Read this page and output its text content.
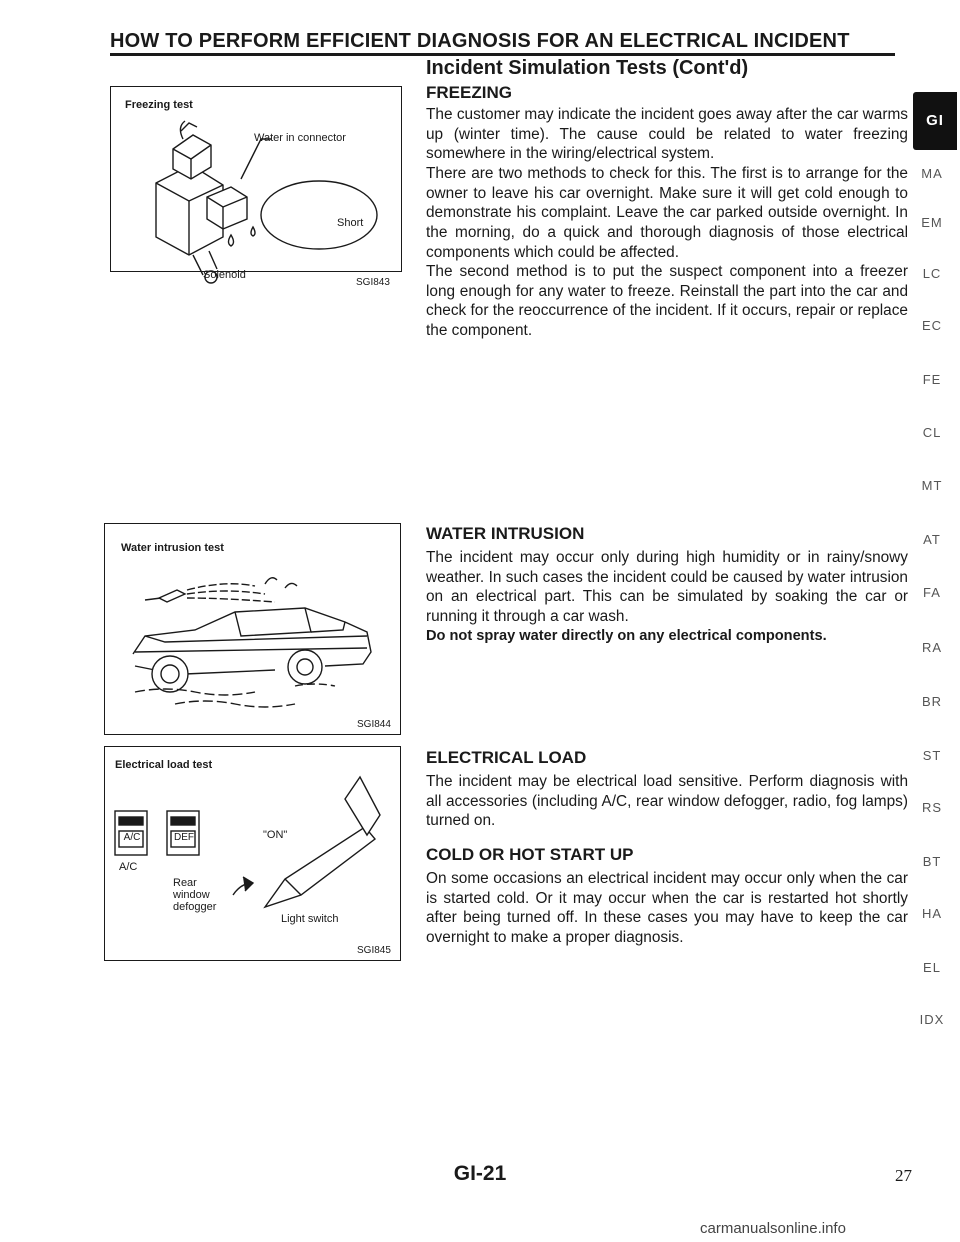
HOW TO PERFORM EFFICIENT DIAGNOSIS FOR AN ELECTRICAL INCIDENT
Incident Simulation Tests (Cont'd)
FREEZING
The customer may indicate the incident goes away after the car warms up (winter time). The cause could be related to water freezing somewhere in the wiring/electrical system.
There are two methods to check for this. The first is to arrange for the owner to leave his car overnight. Make sure it will get cold enough to demonstrate his complaint. Leave the car parked outside overnight. In the morning, do a quick and thorough diagnosis of those electrical components which could be affected.
The second method is to put the suspect component into a freezer long enough for any water to freeze. Reinstall the part into the car and check for the reoccurrence of the incident. If it occurs, repair or replace the component.
Freezing test
Water in connector
Short
Solenoid
SGI843
WATER INTRUSION
The incident may occur only during high humidity or in rainy/snowy weather. In such cases the incident could be caused by water intrusion on an electrical part. This can be simulated by soaking the car or running it through a car wash.
Do not spray water directly on any electrical components.
Water intrusion test
SGI844
ELECTRICAL LOAD
The incident may be electrical load sensitive. Perform diagnosis with all accessories (including A/C, rear window defogger, radio, fog lamps) turned on.
COLD OR HOT START UP
On some occasions an electrical incident may occur only when the car is started cold. Or it may occur when the car is restarted hot shortly after being turned off. In these cases you may have to keep the car overnight to make a proper diagnosis.
Electrical load test
A/C	DEF
A/C
"ON"
Rear
window
defogger
Light switch
SGI845
GI
MA
EM
LC
EC
FE
CL
MT
AT
FA
RA
BR
ST
RS
BT
HA
EL
IDX
GI-21	27
carmanualsonline.info
